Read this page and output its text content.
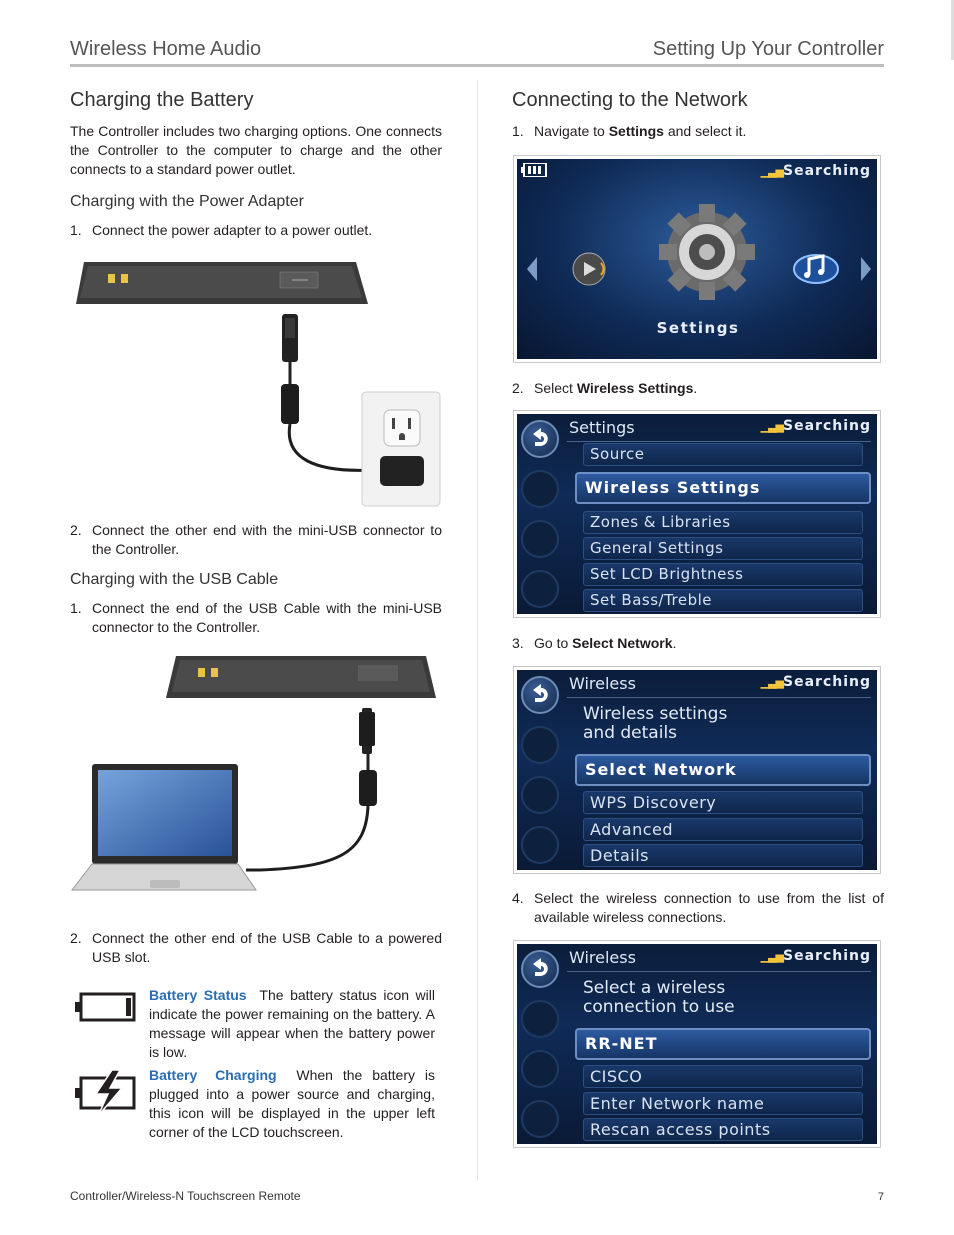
Wireless Home Audio	Setting Up Your Controller
Charging the Battery

The Controller includes two charging options. One connects the Controller to the computer to charge and the other connects to a standard power outlet.

Charging with the Power Adapter
1. Connect the power adapter to a power outlet.
2. Connect the other end with the mini-USB connector to the Controller.
Charging with the USB Cable
1. Connect the end of the USB Cable with the mini-USB connector to the Controller.
2. Connect the other end of the USB Cable to a powered USB slot.
Battery Status The battery status icon will indicate the power remaining on the battery. A message will appear when the battery power is low.
Battery Charging When the battery is plugged into a power source and charging, this icon will be displayed in the upper left corner of the LCD touchscreen.
Connecting to the Network
1. Navigate to Settings and select it.
▁▃▅Searching
Settings
2. Select Wireless Settings.
Settings	▁▃▅Searching
Source
Wireless Settings
Zones & Libraries
General Settings
Set LCD Brightness
Set Bass/Treble
3. Go to Select Network.
Wireless	▁▃▅Searching
Wireless settings
and details
Select Network
WPS Discovery
Advanced
Details
4. Select the wireless connection to use from the list of available wireless connections.
Wireless	▁▃▅Searching
Select a wireless
connection to use
RR-NET
CISCO
Enter Network name
Rescan access points
Controller/Wireless-N Touchscreen Remote	7
